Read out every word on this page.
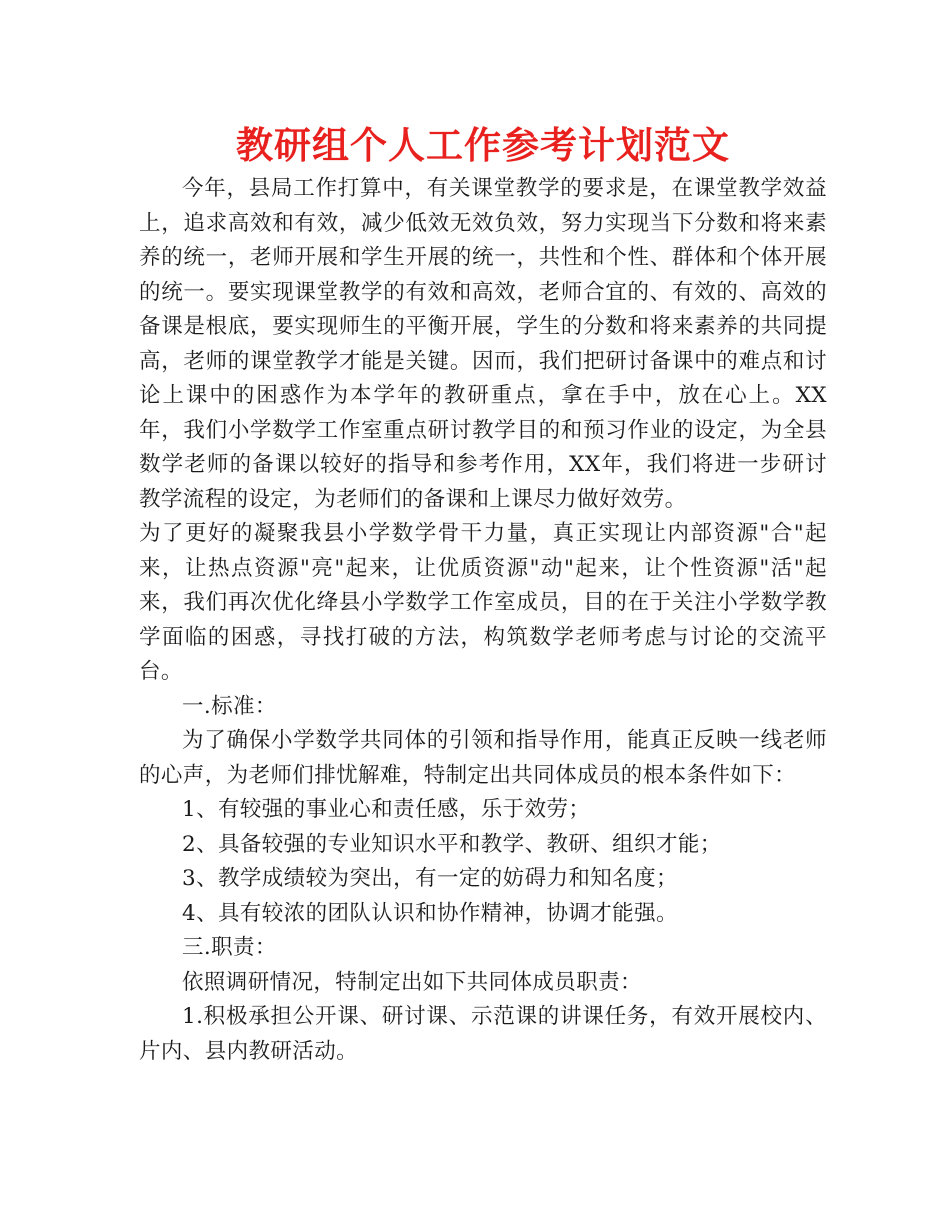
教研组个人工作参考计划范文

今年，县局工作打算中，有关课堂教学的要求是，在课堂教学效益上，追求高效和有效，减少低效无效负效，努力实现当下分数和将来素养的统一，老师开展和学生开展的统一，共性和个性、群体和个体开展的统一。要实现课堂教学的有效和高效，老师合宜的、有效的、高效的备课是根底，要实现师生的平衡开展，学生的分数和将来素养的共同提高，老师的课堂教学才能是关键。因而，我们把研讨备课中的难点和讨论上课中的困惑作为本学年的教研重点，拿在手中，放在心上。XX年，我们小学数学工作室重点研讨教学目的和预习作业的设定，为全县数学老师的备课以较好的指导和参考作用，XX年，我们将进一步研讨教学流程的设定，为老师们的备课和上课尽力做好效劳。

为了更好的凝聚我县小学数学骨干力量，真正实现让内部资源"合"起来，让热点资源"亮"起来，让优质资源"动"起来，让个性资源"活"起来，我们再次优化绛县小学数学工作室成员，目的在于关注小学数学教学面临的困惑，寻找打破的方法，构筑数学老师考虑与讨论的交流平台。

一.标准：

为了确保小学数学共同体的引领和指导作用，能真正反映一线老师的心声，为老师们排忧解难，特制定出共同体成员的根本条件如下：

1、有较强的事业心和责任感，乐于效劳；

2、具备较强的专业知识水平和教学、教研、组织才能；

3、教学成绩较为突出，有一定的妨碍力和知名度；

4、具有较浓的团队认识和协作精神，协调才能强。

三.职责：

依照调研情况，特制定出如下共同体成员职责：

1.积极承担公开课、研讨课、示范课的讲课任务，有效开展校内、片内、县内教研活动。
